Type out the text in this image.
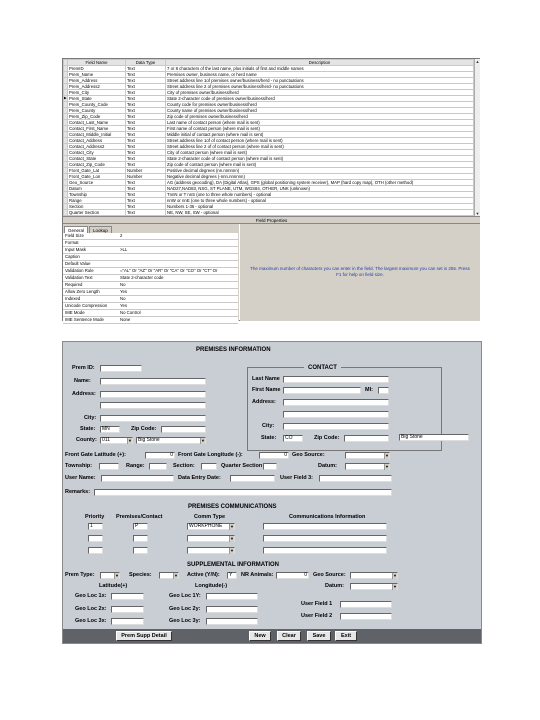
	Field Name	Data Type	Description
	PremID	Text	7 or 8 characters of the last name, plus initials of first and middle names
	Prem_Name	Text	Premises owner, business name, or herd name
	Prem_Address	Text	Street address line 1of premises owner/business/herd - no punctuations
	Prem_Address2	Text	Street address line 2 of premises owner/business/herd- no punctuations
	Prem_City	Text	City of premises owner/business/herd
▶	Prem_State	Text	State 2-character code of premises owner/business/herd
	Prem_County_Code	Text	County code for premises owner/business/herd
	Prem_County	Text	County name of premises owner/business/herd
	Prem_Zip_Code	Text	Zip code of premises owner/business/herd
	Contact_Last_Name	Text	Last name of contact person (where mail is sent)
	Contact_First_Name	Text	First name of contact person (where mail is sent)
	Contact_Middle_Initial	Text	Middle initial of contact person (where mail is sent)
	Contact_Address	Text	Street address line 1of of contact person (where mail is sent)
	Contact_Address2	Text	Street address line 2 of of contact person (where mail is sent)
	Contact_City	Text	City of contact person (where mail is sent)
	Contact_State	Text	State 2-character code of contact person (where mail is sent)
	Contact_Zip_Code	Text	Zip code of contact person (where mail is sent)
	Front_Gate_Lat	Number	Positive decimal degrees (nn.nnnnnn)
	Front_Gate_Lon	Number	Negative decimal degrees (-nnn.nnnnnn)
	Geo_Source	Text	AG (address geocoding), DA (Digital Atlas), GPS (global positioning system receiver), MAP (hard copy map), OTH (other method)
	Datum	Text	NAD27,NAD83, NSG, ST PLANE, UTM, WGS84, OTHER, UNK (unknown)
	Township	Text	TnnN or T nnS (one to three whole numbers) - optional
	Range	Text	nnW or nnE (one to three whole numbers) - optional
	Section	Text	Numbers 1-36 - optional
	Quarter Section	Text	NE, NW, SE, SW - optional

▲
▼
Field Properties
General Lookup
Field Size	2
Format	
Input Mask	>LL
Caption	
Default Value	
Validation Rule	="AL" Or "AZ" Or "AR" Or "CA" Or "CO" Or "CT" Or
Validation Text	State 2-character code
Required	No
Allow Zero Length	Yes
Indexed	No
Unicode Compression	Yes
IME Mode	No Control
IME Sentence Mode	None
The maximum number of characters you can enter in the field. The largest maximum you can set is 255. Press F1 for help on field size.
PREMISES INFORMATION
Prem ID:
Name:
Address:
City:
State:	MN	Zip Code:
County:	011	▼	Big Stone	▼
CONTACT
Last Name
First Name	MI:
Address:
City:
State:	CO	Zip Code:	Big Stone
Front Gate Latitude (+):	0 Front Gate Longitude (-):	0 Geo Source:	▼
Township:	Range:	Section:	Quarter Section	Datum:	▼
User Name:	Data Entry Date:	User Field 3:
Remarks:
PREMISES COMMUNICATIONS
Priority Premises/Contact	Comm Type	Communications Information
1	P	WORKPHONE ▼
▼
▼
SUPPLEMENTAL INFORMATION
Prem Type:	▼ Species:	▼ Active (Y/N):	Y	NR Animals:	0	Geo Source:	▼
Latitude(+)	Longitude(-)	Datum:	▼
Geo Loc 1x:	Geo Loc 1Y:
Geo Loc 2x:	Geo Loc 2y:
User Field 1
Geo Loc 3x:	Geo Loc 3y:
User Field 2
Prem Supp Detail	New	Clear	Save	Exit
